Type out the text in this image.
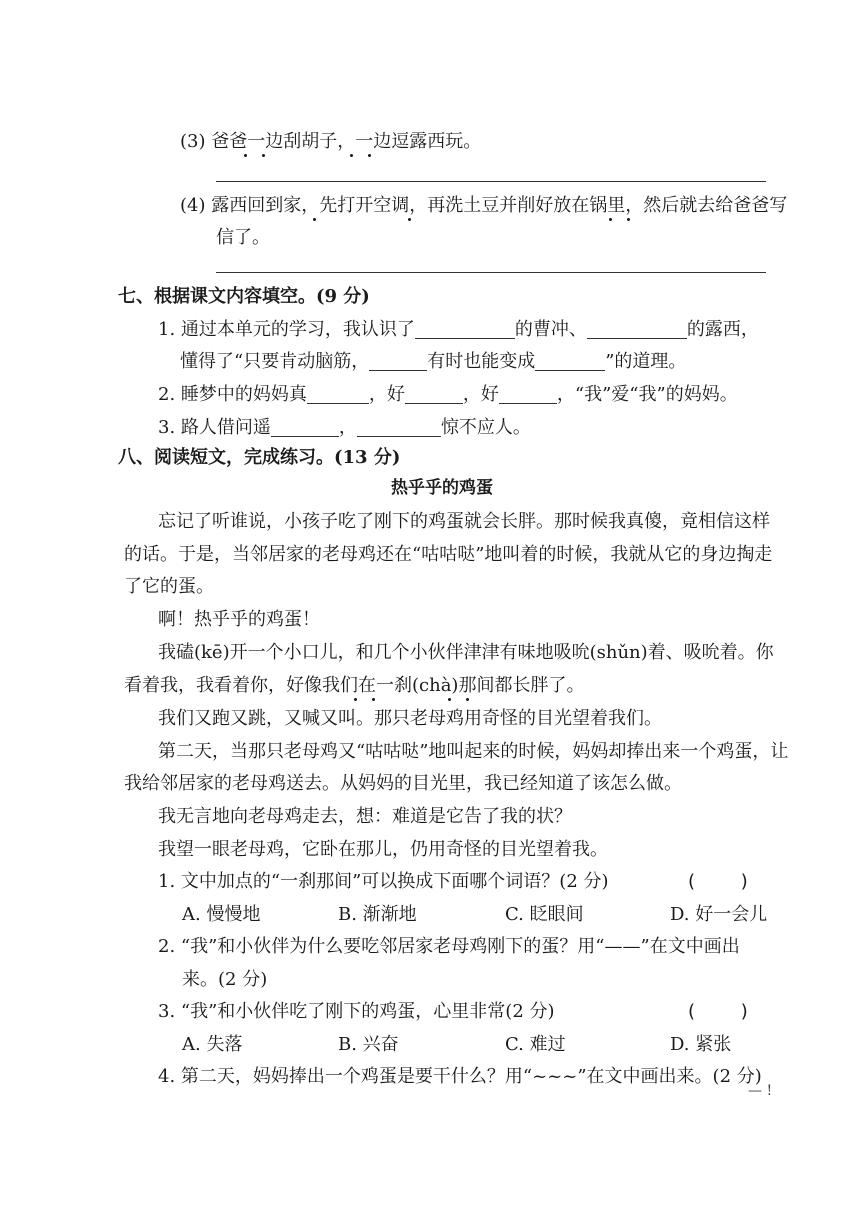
(3) 爸爸一边刮胡子，一边逗露西玩。
(4) 露西回到家，先打开空调，再洗土豆并削好放在锅里，然后就去给爸爸写
信了。
七、根据课文内容填空。(9 分)
1. 通过本单元的学习，我认识了	的曹冲、	的露西，
懂得了“只要肯动脑筋，	有时也能变成	”的道理。
2. 睡梦中的妈妈真	，好	，好	，“我”爱“我”的妈妈。
3. 路人借问遥	，	惊不应人。
八、阅读短文，完成练习。(13 分)
热乎乎的鸡蛋
忘记了听谁说，小孩子吃了刚下的鸡蛋就会长胖。那时候我真傻，竟相信这样
的话。于是，当邻居家的老母鸡还在“咕咕哒”地叫着的时候，我就从它的身边掏走
了它的蛋。
啊！热乎乎的鸡蛋！
我磕(kē)开一个小口儿，和几个小伙伴津津有味地吸吮(shǔn)着、吸吮着。你
看着我，我看着你，好像我们在一刹(chà)那间都长胖了。
我们又跑又跳，又喊又叫。那只老母鸡用奇怪的目光望着我们。
第二天，当那只老母鸡又“咕咕哒”地叫起来的时候，妈妈却捧出来一个鸡蛋，让
我给邻居家的老母鸡送去。从妈妈的目光里，我已经知道了该怎么做。
我无言地向老母鸡走去，想：难道是它告了我的状？
我望一眼老母鸡，它卧在那儿，仍用奇怪的目光望着我。
1. 文中加点的“一刹那间”可以换成下面哪个词语？(2 分)	(        )
A. 慢慢地	B. 渐渐地	C. 眨眼间	D. 好一会儿
2. “我”和小伙伴为什么要吃邻居家老母鸡刚下的蛋？用“——”在文中画出
来。(2 分)
3. “我”和小伙伴吃了刚下的鸡蛋，心里非常(2 分)	(        )
A. 失落	B. 兴奋	C. 难过	D. 紧张
4. 第二天，妈妈捧出一个鸡蛋是要干什么？用“~~~”在文中画出来。(2 分)
— !
